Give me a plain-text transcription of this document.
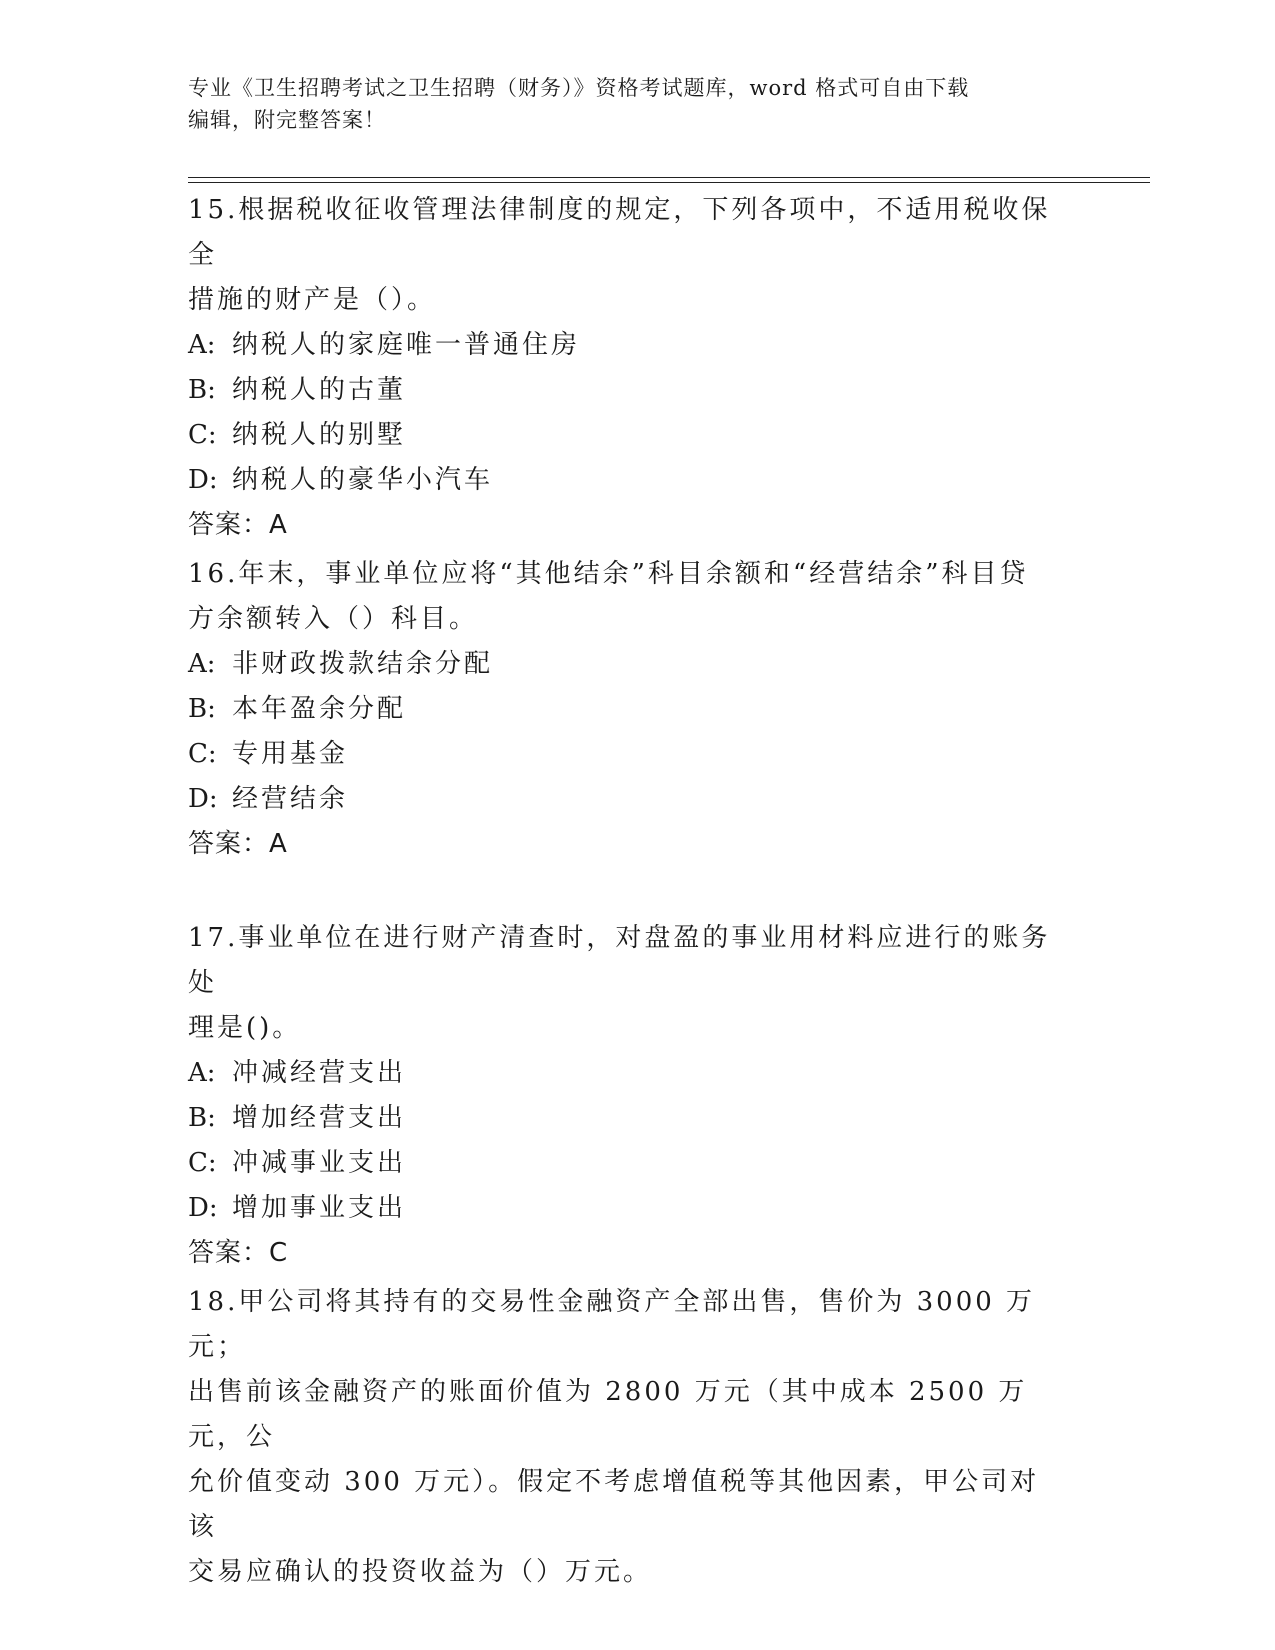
专业《卫生招聘考试之卫生招聘（财务）》资格考试题库，word 格式可自由下载
编辑，附完整答案！

15.根据税收征收管理法律制度的规定，下列各项中，不适用税收保全

措施的财产是（）。

A: 纳税人的家庭唯一普通住房

B: 纳税人的古董

C: 纳税人的别墅

D: 纳税人的豪华小汽车

答案：A

16.年末，事业单位应将“其他结余”科目余额和“经营结余”科目贷

方余额转入（）科目。

A: 非财政拨款结余分配

B: 本年盈余分配

C: 专用基金

D: 经营结余

答案：A

17.事业单位在进行财产清查时，对盘盈的事业用材料应进行的账务处

理是()。

A: 冲减经营支出

B: 增加经营支出

C: 冲减事业支出

D: 增加事业支出

答案：C

18.甲公司将其持有的交易性金融资产全部出售，售价为 3000 万元；

出售前该金融资产的账面价值为 2800 万元（其中成本 2500 万元，公

允价值变动 300 万元）。假定不考虑增值税等其他因素，甲公司对该

交易应确认的投资收益为（）万元。
